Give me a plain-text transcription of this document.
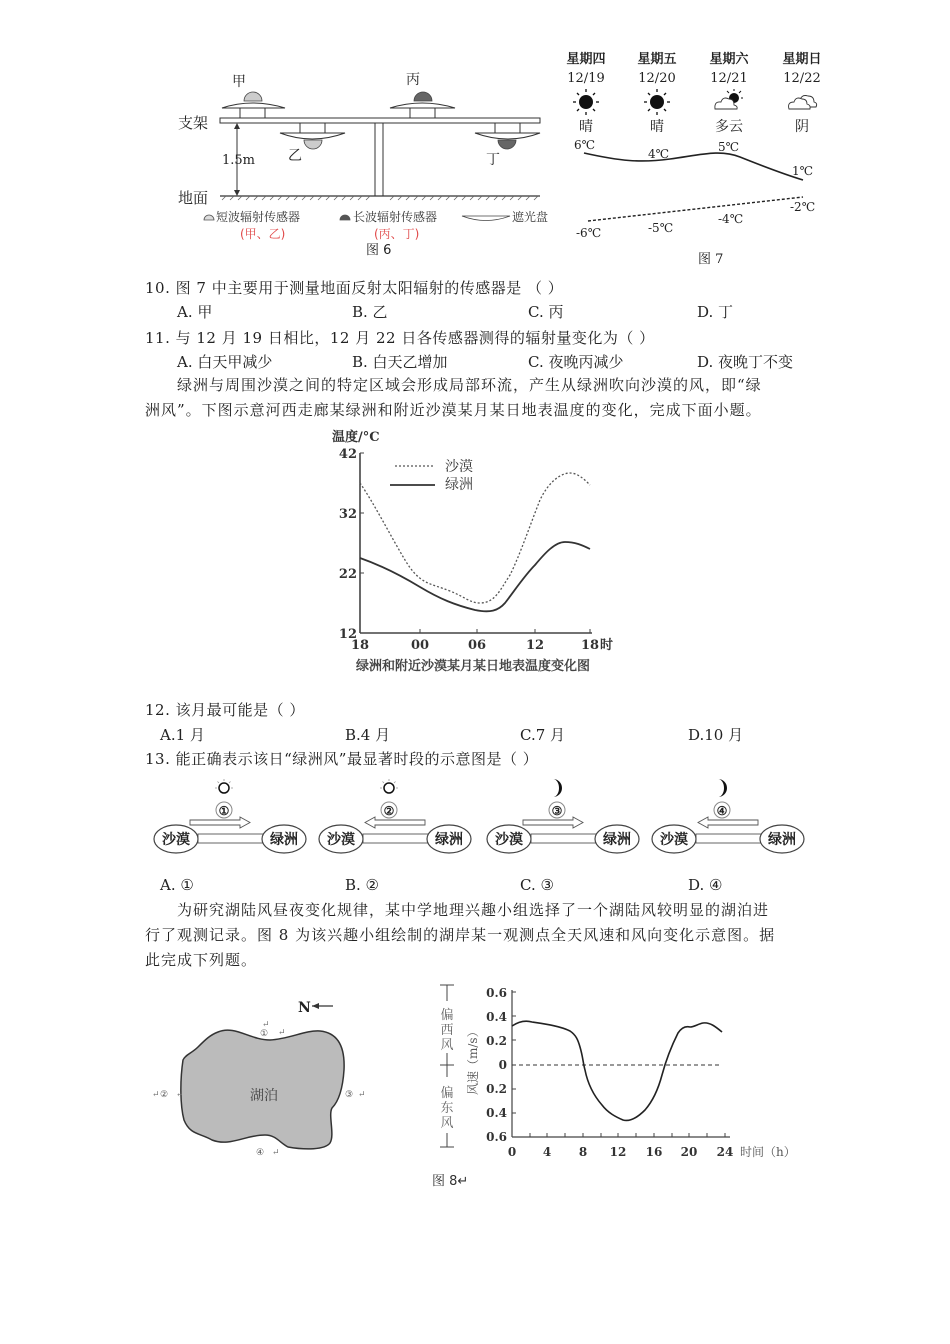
支架
地面
1.5m
甲	丙
乙	丁
短波辐射传感器
(甲、乙)
长波辐射传感器
(丙、丁)
遮光盘
图 6
星期四 星期五	星期六	星期日
12/19	12/20	12/21	12/22
晴	晴	多云	阴
6℃
4℃	5℃
1℃
-6℃	-5℃
-4℃
-2℃
图 7
10. 图 7 中主要用于测量地面反射太阳辐射的传感器是 （ ）
A. 甲	B. 乙	C. 丙	D. 丁
11. 与 12 月 19 日相比，12 月 22 日各传感器测得的辐射量变化为（ ）
A. 白天甲减少	B. 白天乙增加	C. 夜晚丙减少	D. 夜晚丁不变
绿洲与周围沙漠之间的特定区域会形成局部环流，产生从绿洲吹向沙漠的风，即“绿
洲风”。下图示意河西走廊某绿洲和附近沙漠某月某日地表温度的变化，完成下面小题。
温度/°C
42
32
22
12
18	00	06	12	18 时
沙漠
绿洲
绿洲和附近沙漠某月某日地表温度变化图
12. 该月最可能是（ ）
A.1 月	B.4 月	C.7 月	D.10 月
13. 能正确表示该日“绿洲风”最显著时段的示意图是（ ）
①
沙漠	绿洲
②
沙漠	绿洲
③
沙漠	绿洲
④
沙漠	绿洲
A. ①	B. ②	C. ③	D. ④
为研究湖陆风昼夜变化规律，某中学地理兴趣小组选择了一个湖陆风较明显的湖泊进
行了观测记录。图 8 为该兴趣小组绘制的湖岸某一观测点全天风速和风向变化示意图。据
此完成下列题。
N
湖泊
①
②	③
④
↵
↵ ↵	↵
↵
↵
偏
西
风
偏
东
风
风速（m/s）
0.6
0.4
0.2
0
0.2
0.4
0.6
0 4 8 12 16 20 24 时间（h）
图 8↵
